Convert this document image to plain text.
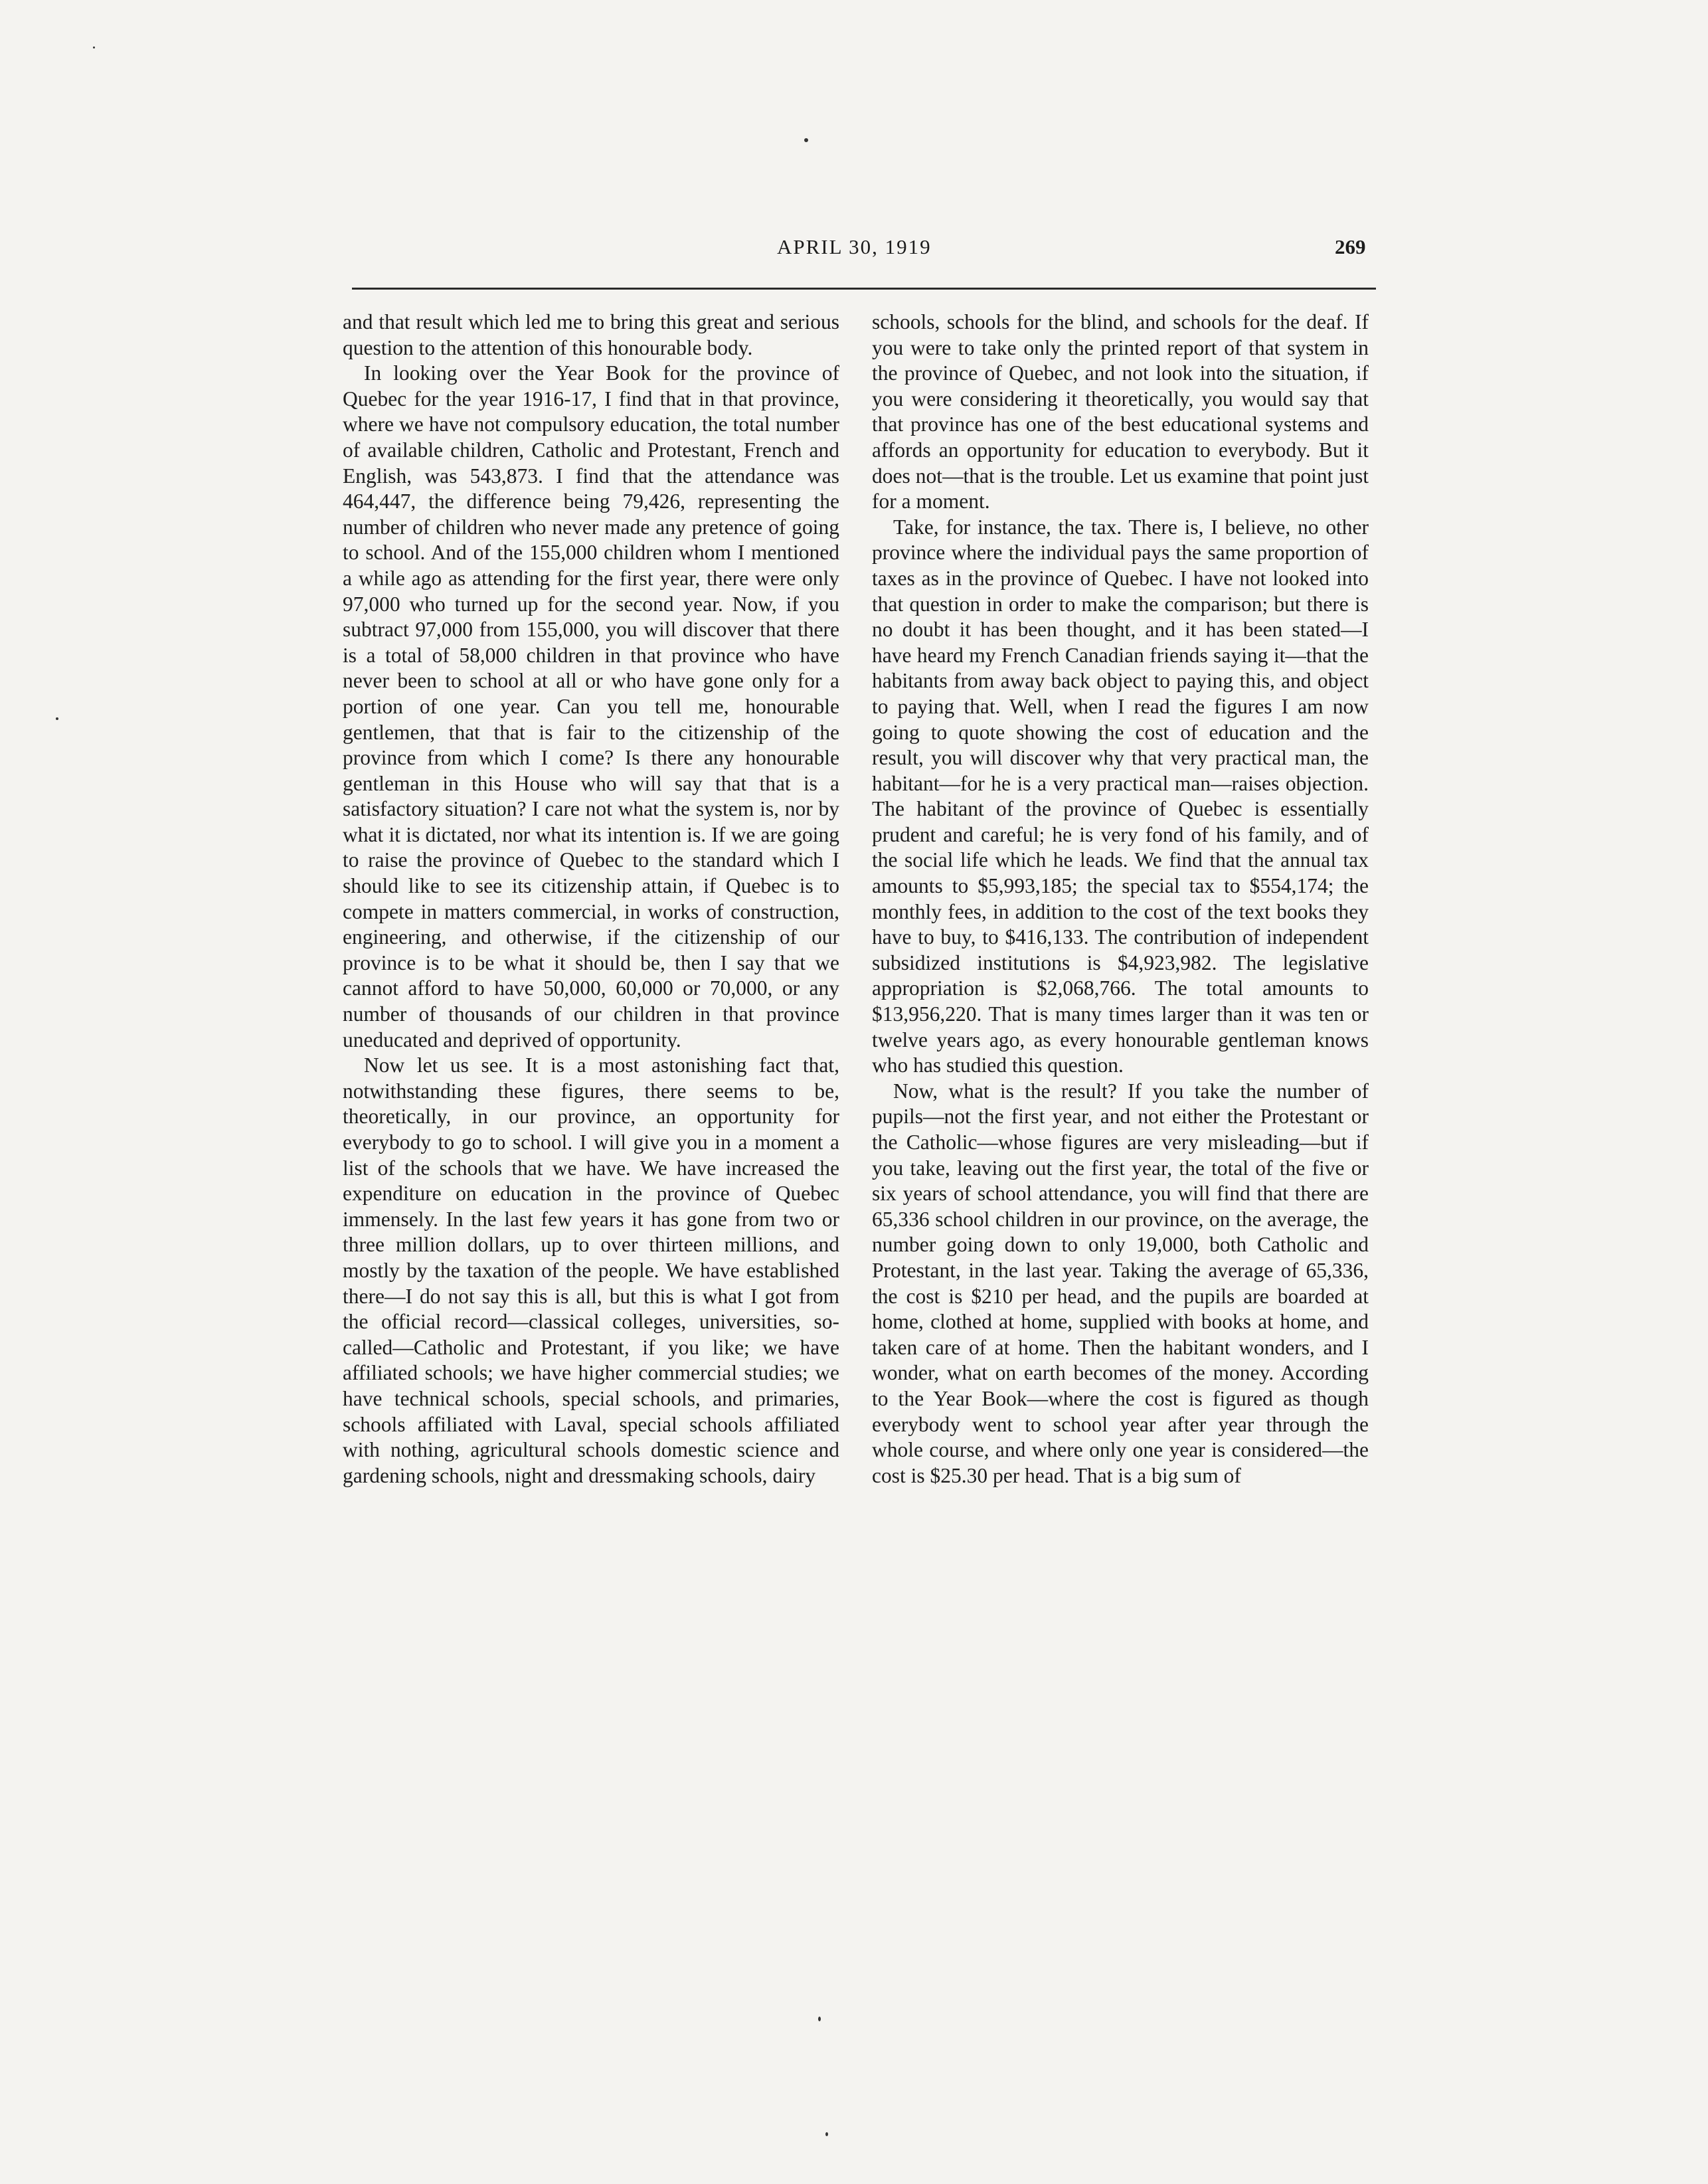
APRIL 30, 1919	269

and that result which led me to bring this great and serious question to the attention of this honourable body.

In looking over the Year Book for the province of Quebec for the year 1916-17, I find that in that province, where we have not compulsory education, the total number of available children, Catholic and Protestant, French and English, was 543,873. I find that the attendance was 464,447, the difference being 79,426, representing the number of children who never made any pretence of going to school. And of the 155,000 children whom I mentioned a while ago as attending for the first year, there were only 97,000 who turned up for the second year. Now, if you subtract 97,000 from 155,000, you will discover that there is a total of 58,000 children in that province who have never been to school at all or who have gone only for a portion of one year. Can you tell me, honourable gentlemen, that that is fair to the citizenship of the province from which I come? Is there any honourable gentleman in this House who will say that that is a satisfactory situation? I care not what the system is, nor by what it is dictated, nor what its intention is. If we are going to raise the province of Quebec to the standard which I should like to see its citizenship attain, if Quebec is to compete in matters commercial, in works of construction, engineering, and otherwise, if the citizenship of our province is to be what it should be, then I say that we cannot afford to have 50,000, 60,000 or 70,000, or any number of thousands of our children in that province uneducated and deprived of opportunity.

Now let us see. It is a most astonishing fact that, notwithstanding these figures, there seems to be, theoretically, in our province, an opportunity for everybody to go to school. I will give you in a moment a list of the schools that we have. We have increased the expenditure on education in the province of Quebec immensely. In the last few years it has gone from two or three million dollars, up to over thirteen millions, and mostly by the taxation of the people. We have established there—I do not say this is all, but this is what I got from the official record—classical colleges, universities, so-called—Catholic and Protestant, if you like; we have affiliated schools; we have higher commercial studies; we have technical schools, special schools, and primaries, schools affiliated with Laval, special schools affiliated with nothing, agricultural schools domestic science and gardening schools, night and dressmaking schools, dairy

schools, schools for the blind, and schools for the deaf. If you were to take only the printed report of that system in the province of Quebec, and not look into the situation, if you were considering it theoretically, you would say that that province has one of the best educational systems and affords an opportunity for education to everybody. But it does not—that is the trouble. Let us examine that point just for a moment.

Take, for instance, the tax. There is, I believe, no other province where the individual pays the same proportion of taxes as in the province of Quebec. I have not looked into that question in order to make the comparison; but there is no doubt it has been thought, and it has been stated—I have heard my French Canadian friends saying it—that the habitants from away back object to paying this, and object to paying that. Well, when I read the figures I am now going to quote showing the cost of education and the result, you will discover why that very practical man, the habitant—for he is a very practical man—raises objection. The habitant of the province of Quebec is essentially prudent and careful; he is very fond of his family, and of the social life which he leads. We find that the annual tax amounts to $5,993,185; the special tax to $554,174; the monthly fees, in addition to the cost of the text books they have to buy, to $416,133. The contribution of independent subsidized institutions is $4,923,982. The legislative appropriation is $2,068,766. The total amounts to $13,956,220. That is many times larger than it was ten or twelve years ago, as every honourable gentleman knows who has studied this question.

Now, what is the result? If you take the number of pupils—not the first year, and not either the Protestant or the Catholic—whose figures are very misleading—but if you take, leaving out the first year, the total of the five or six years of school attendance, you will find that there are 65,336 school children in our province, on the average, the number going down to only 19,000, both Catholic and Protestant, in the last year. Taking the average of 65,336, the cost is $210 per head, and the pupils are boarded at home, clothed at home, supplied with books at home, and taken care of at home. Then the habitant wonders, and I wonder, what on earth becomes of the money. According to the Year Book—where the cost is figured as though everybody went to school year after year through the whole course, and where only one year is considered—the cost is $25.30 per head. That is a big sum of
